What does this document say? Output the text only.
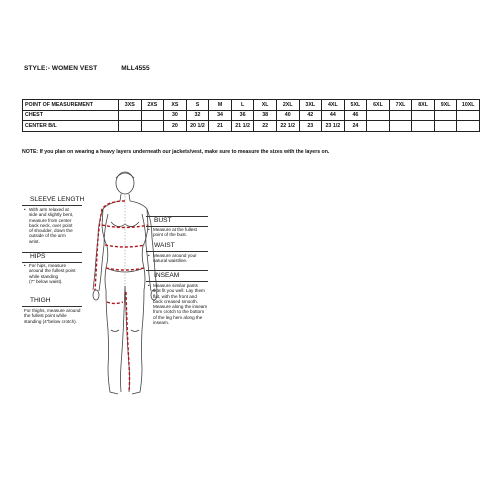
STYLE:- WOMEN VEST	MLL4555
POINT OF MEASUREMENT	3XS	2XS	XS	S	M	L	XL	2XL	3XL	4XL	5XL	6XL	7XL	8XL	9XL	10XL
CHEST			30	32	34	36	38	40	42	44	46					
CENTER B/L			20	20 1/2	21	21 1/2	22	22 1/2	23	23 1/2	24					
NOTE: If you plan on wearing a heavy layers underneath our jackets/vest, make sure to measure the sizes with the layers on.
SLEEVE LENGTH
• With arm relaxed at
side and slightly bent,
measure from center
back neck, over point
of shoulder, down the
outside of the arm
wrist.
HIPS
• For hips, measure
around the fullest point
while standing
(7" below waist).
THIGH
For thighs, measure around
the fullest point while
standing (4"below crotch).
BUST
• Measure at the fullest
point of the bust.
WAIST
• Measure around your
natural waistline.
INSEAM
• Measure similar pants
that fit you well. Lay them
flat, with the front and
back creased smooth.
Measure along the inseam
from crotch to the bottom
of the leg hem along the
inseam.
